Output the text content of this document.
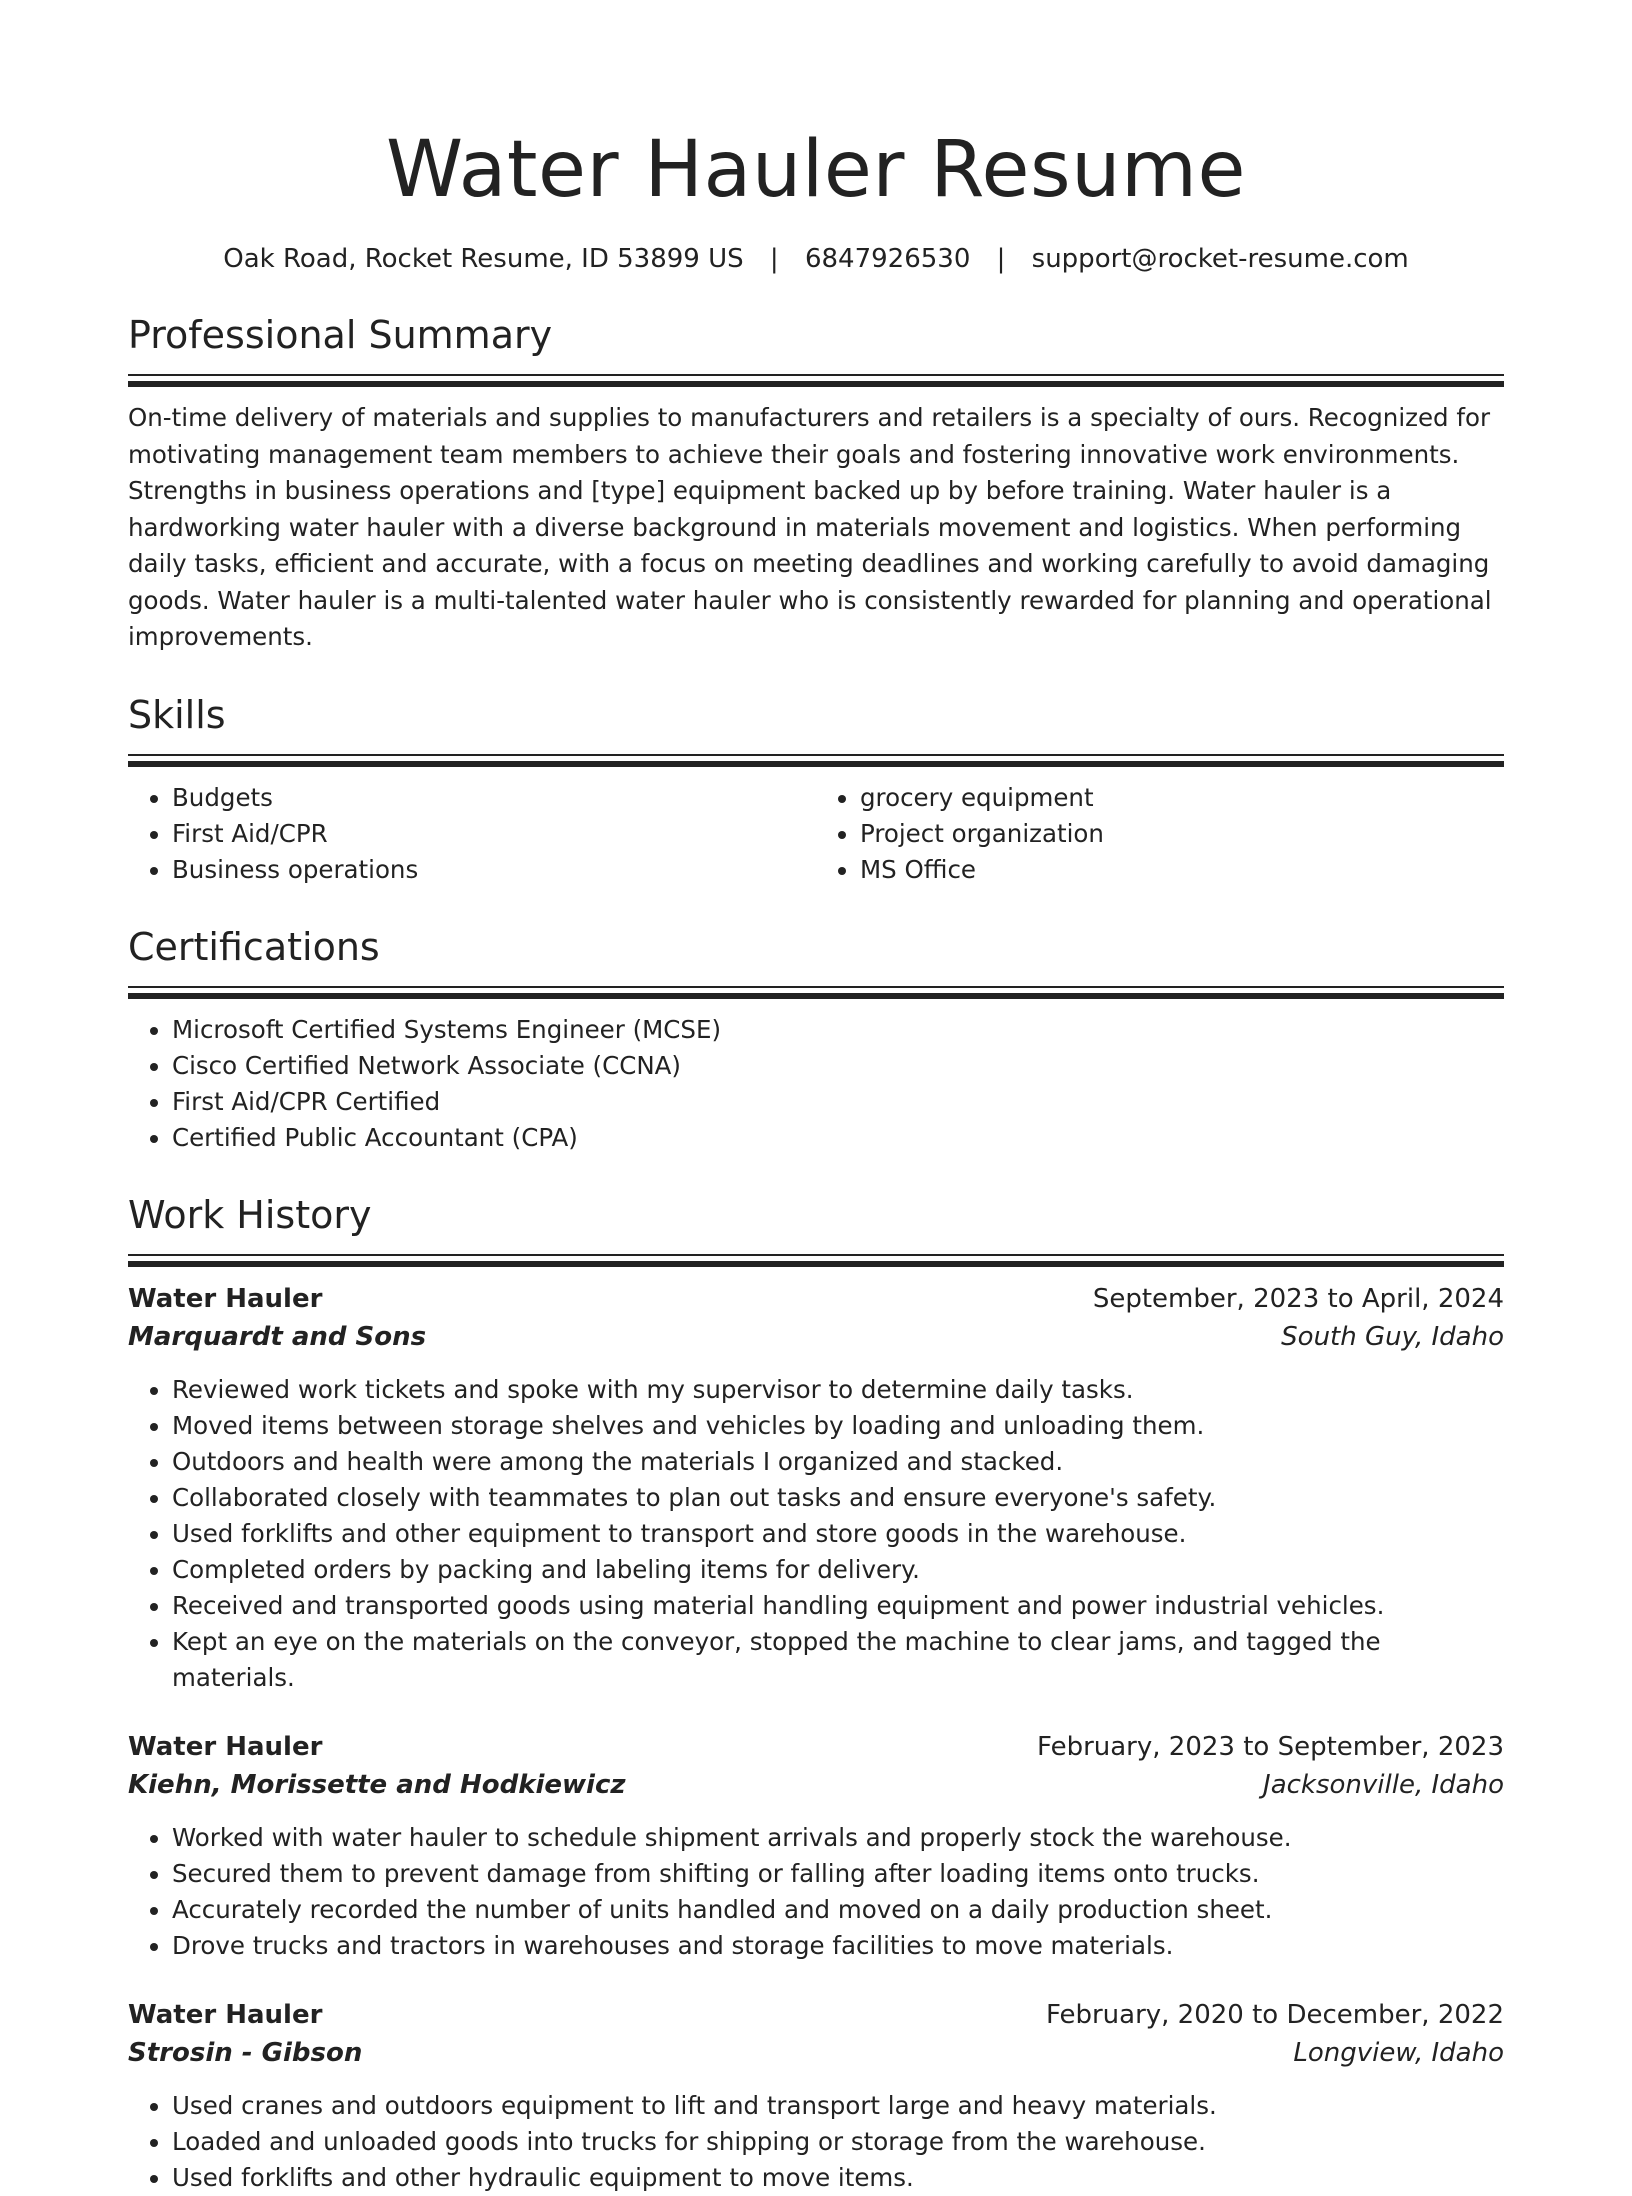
Water Hauler Resume
Oak Road, Rocket Resume, ID 53899 US | 6847926530 | support@rocket-resume.com
Professional Summary

On-time delivery of materials and supplies to manufacturers and retailers is a specialty of ours. Recognized for motivating management team members to achieve their goals and fostering innovative work environments. Strengths in business operations and [type] equipment backed up by before training. Water hauler is a hardworking water hauler with a diverse background in materials movement and logistics. When performing daily tasks, efficient and accurate, with a focus on meeting deadlines and working carefully to avoid damaging goods. Water hauler is a multi-talented water hauler who is consistently rewarded for planning and operational improvements.

Skills
• Budgets
• First Aid/CPR
• Business operations
• grocery equipment
• Project organization
• MS Office
Certifications
• Microsoft Certified Systems Engineer (MCSE)
• Cisco Certified Network Associate (CCNA)
• First Aid/CPR Certified
• Certified Public Accountant (CPA)
Work History
Water Hauler	September, 2023 to April, 2024
Marquardt and Sons	South Guy, Idaho
• Reviewed work tickets and spoke with my supervisor to determine daily tasks.
• Moved items between storage shelves and vehicles by loading and unloading them.
• Outdoors and health were among the materials I organized and stacked.
• Collaborated closely with teammates to plan out tasks and ensure everyone's safety.
• Used forklifts and other equipment to transport and store goods in the warehouse.
• Completed orders by packing and labeling items for delivery.
• Received and transported goods using material handling equipment and power industrial vehicles.
• Kept an eye on the materials on the conveyor, stopped the machine to clear jams, and tagged the materials.
Water Hauler	February, 2023 to September, 2023
Kiehn, Morissette and Hodkiewicz	Jacksonville, Idaho
• Worked with water hauler to schedule shipment arrivals and properly stock the warehouse.
• Secured them to prevent damage from shifting or falling after loading items onto trucks.
• Accurately recorded the number of units handled and moved on a daily production sheet.
• Drove trucks and tractors in warehouses and storage facilities to move materials.
Water Hauler	February, 2020 to December, 2022
Strosin - Gibson	Longview, Idaho
• Used cranes and outdoors equipment to lift and transport large and heavy materials.
• Loaded and unloaded goods into trucks for shipping or storage from the warehouse.
• Used forklifts and other hydraulic equipment to move items.
